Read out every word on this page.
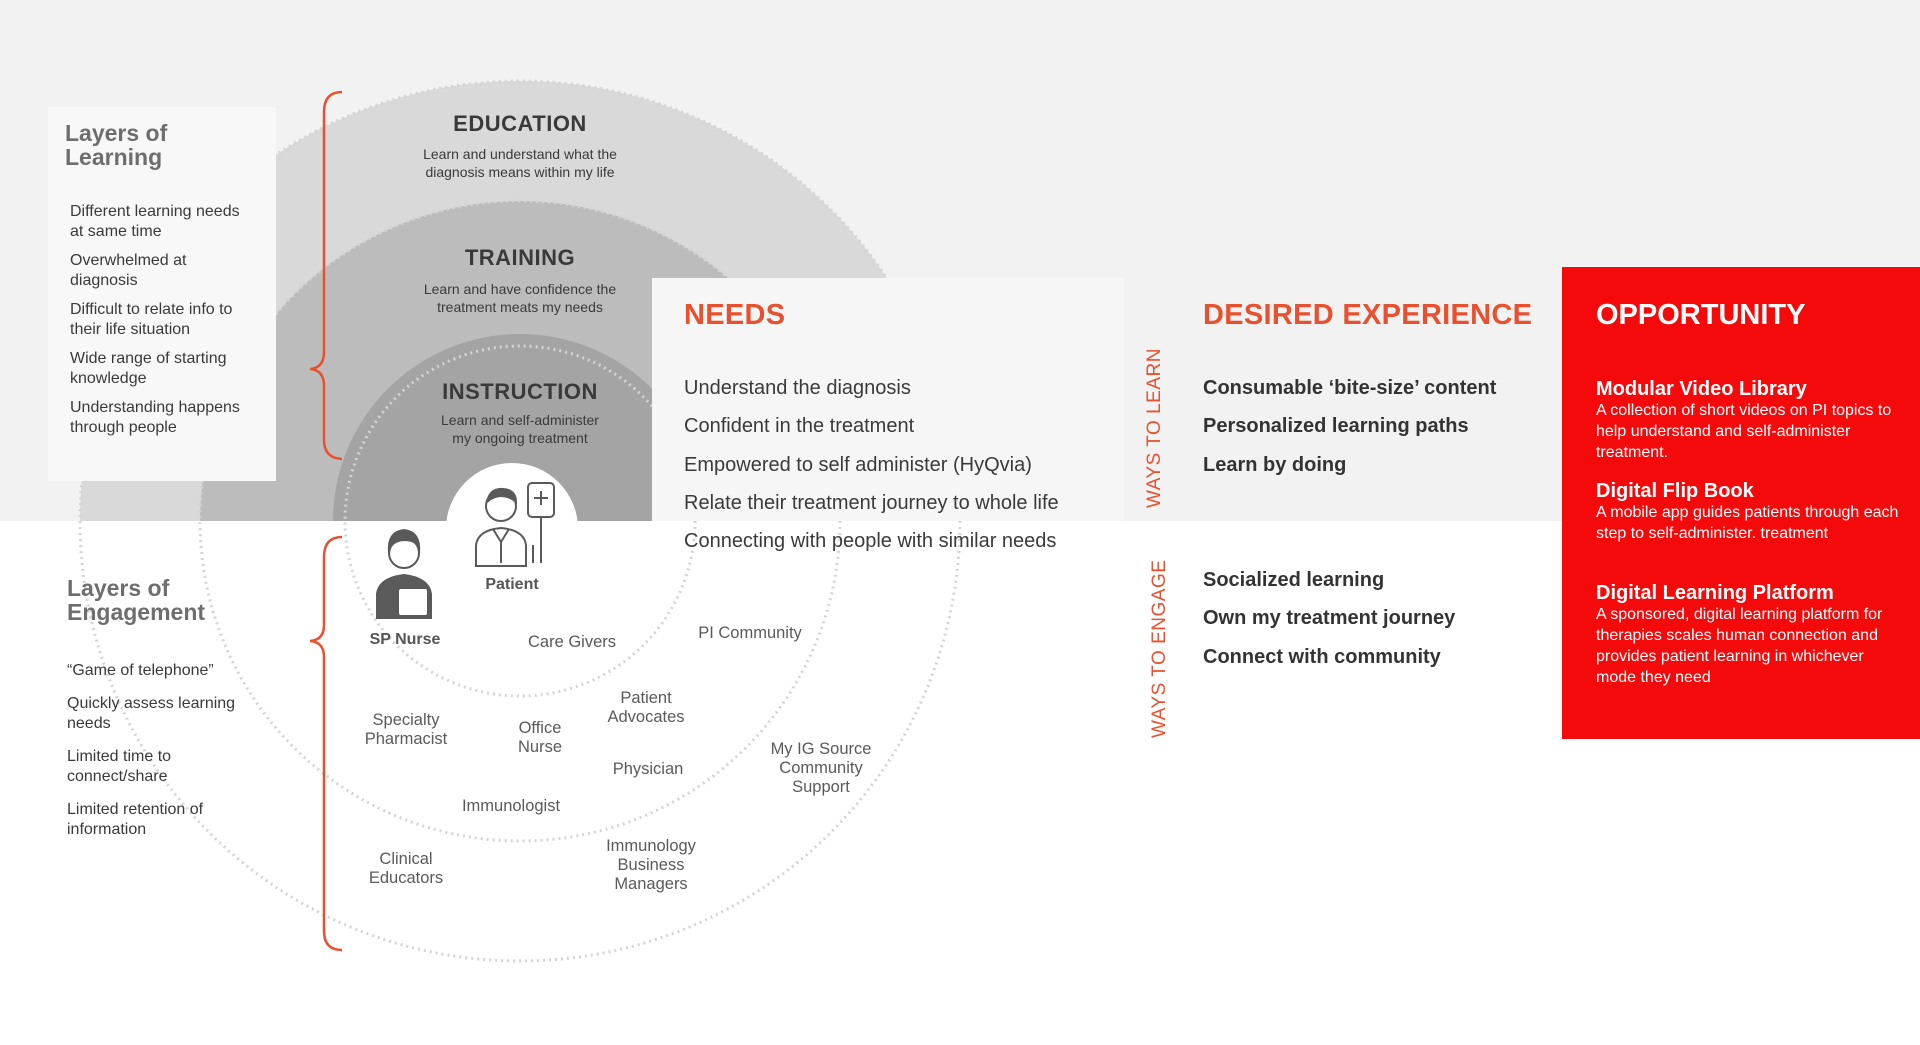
Layers of Learning

Different learning needs at same time

Overwhelmed at diagnosis

Difficult to relate info to their life situation

Wide range of starting knowledge

Understanding happens through people

Layers of Engagement

“Game of telephone”

Quickly assess learning needs

Limited time to connect/share

Limited retention of information

EDUCATION
Learn and understand what the diagnosis means within my life
TRAINING
Learn and have confidence the treatment meats my needs
INSTRUCTION
Learn and self-administer my ongoing treatment
Patient
SP Nurse	Care Givers	PI Community
Patient Advocates
Specialty Pharmacist
Office Nurse
Physician
My IG Source Community Support
Immunologist
Clinical Educators
Immunology Business Managers
NEEDS
Understand the diagnosis
Confident in the treatment
Empowered to self administer (HyQvia)
Relate their treatment journey to whole life
Connecting with people with similar needs
DESIRED EXPERIENCE
WAYS TO LEARN
WAYS TO ENGAGE
Consumable ‘bite-size’ content
Personalized learning paths
Learn by doing
Socialized learning
Own my treatment journey
Connect with community
OPPORTUNITY
Modular Video Library
A collection of short videos on PI topics to help understand and self-administer treatment.
Digital Flip Book
A mobile app guides patients through each step to self-administer. treatment
Digital Learning Platform
A sponsored, digital learning platform for therapies scales human connection and provides patient learning in whichever mode they need
